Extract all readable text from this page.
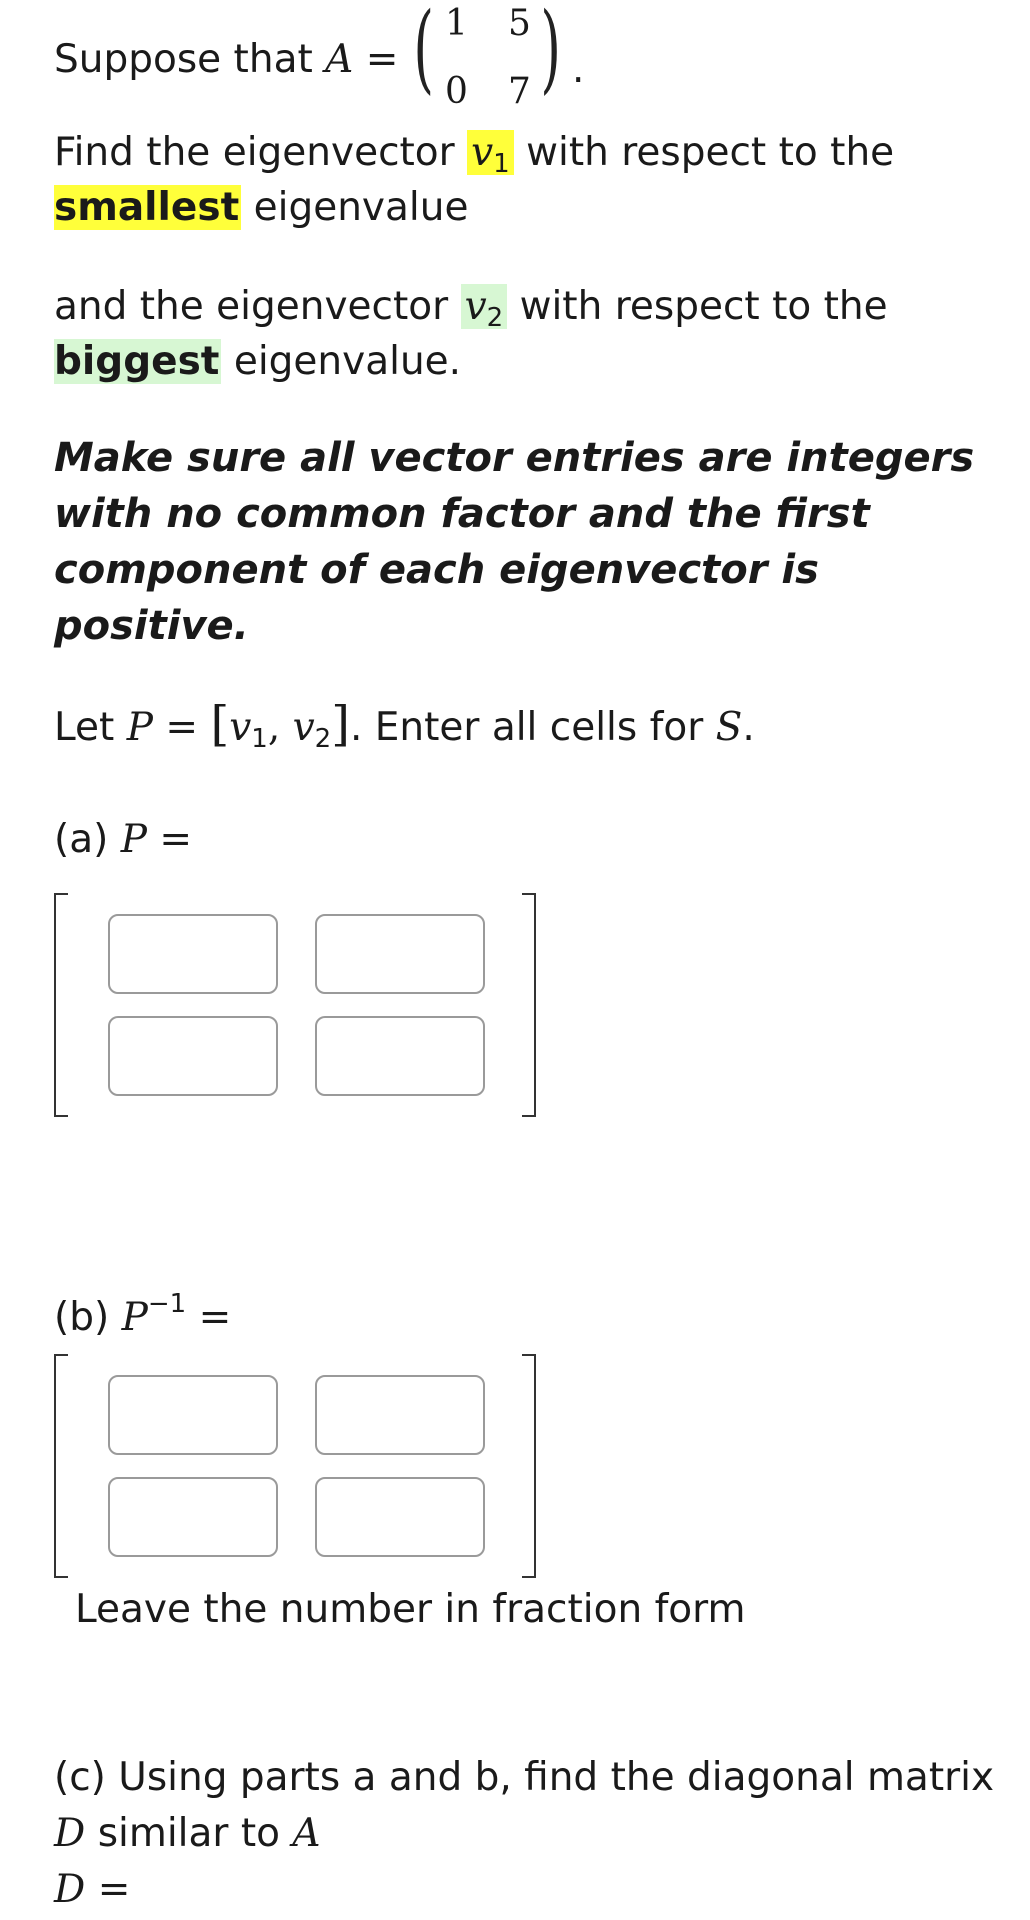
Suppose that A = ( 1 5
0 7 ) .
Find the eigenvector $v_1$ with respect to the
smallest eigenvalue
and the eigenvector $v_2$ with respect to the
biggest eigenvalue.
Make sure all vector entries are integers with no common factor and the first component of each eigenvector is positive.
Let $P = [v_1$, $v_2$]. Enter all cells for S.
(a) P =
(b) $P^{-1}$ =
Leave the number in fraction form
(c) Using parts a and b, find the diagonal matrix
D similar to A
D =
